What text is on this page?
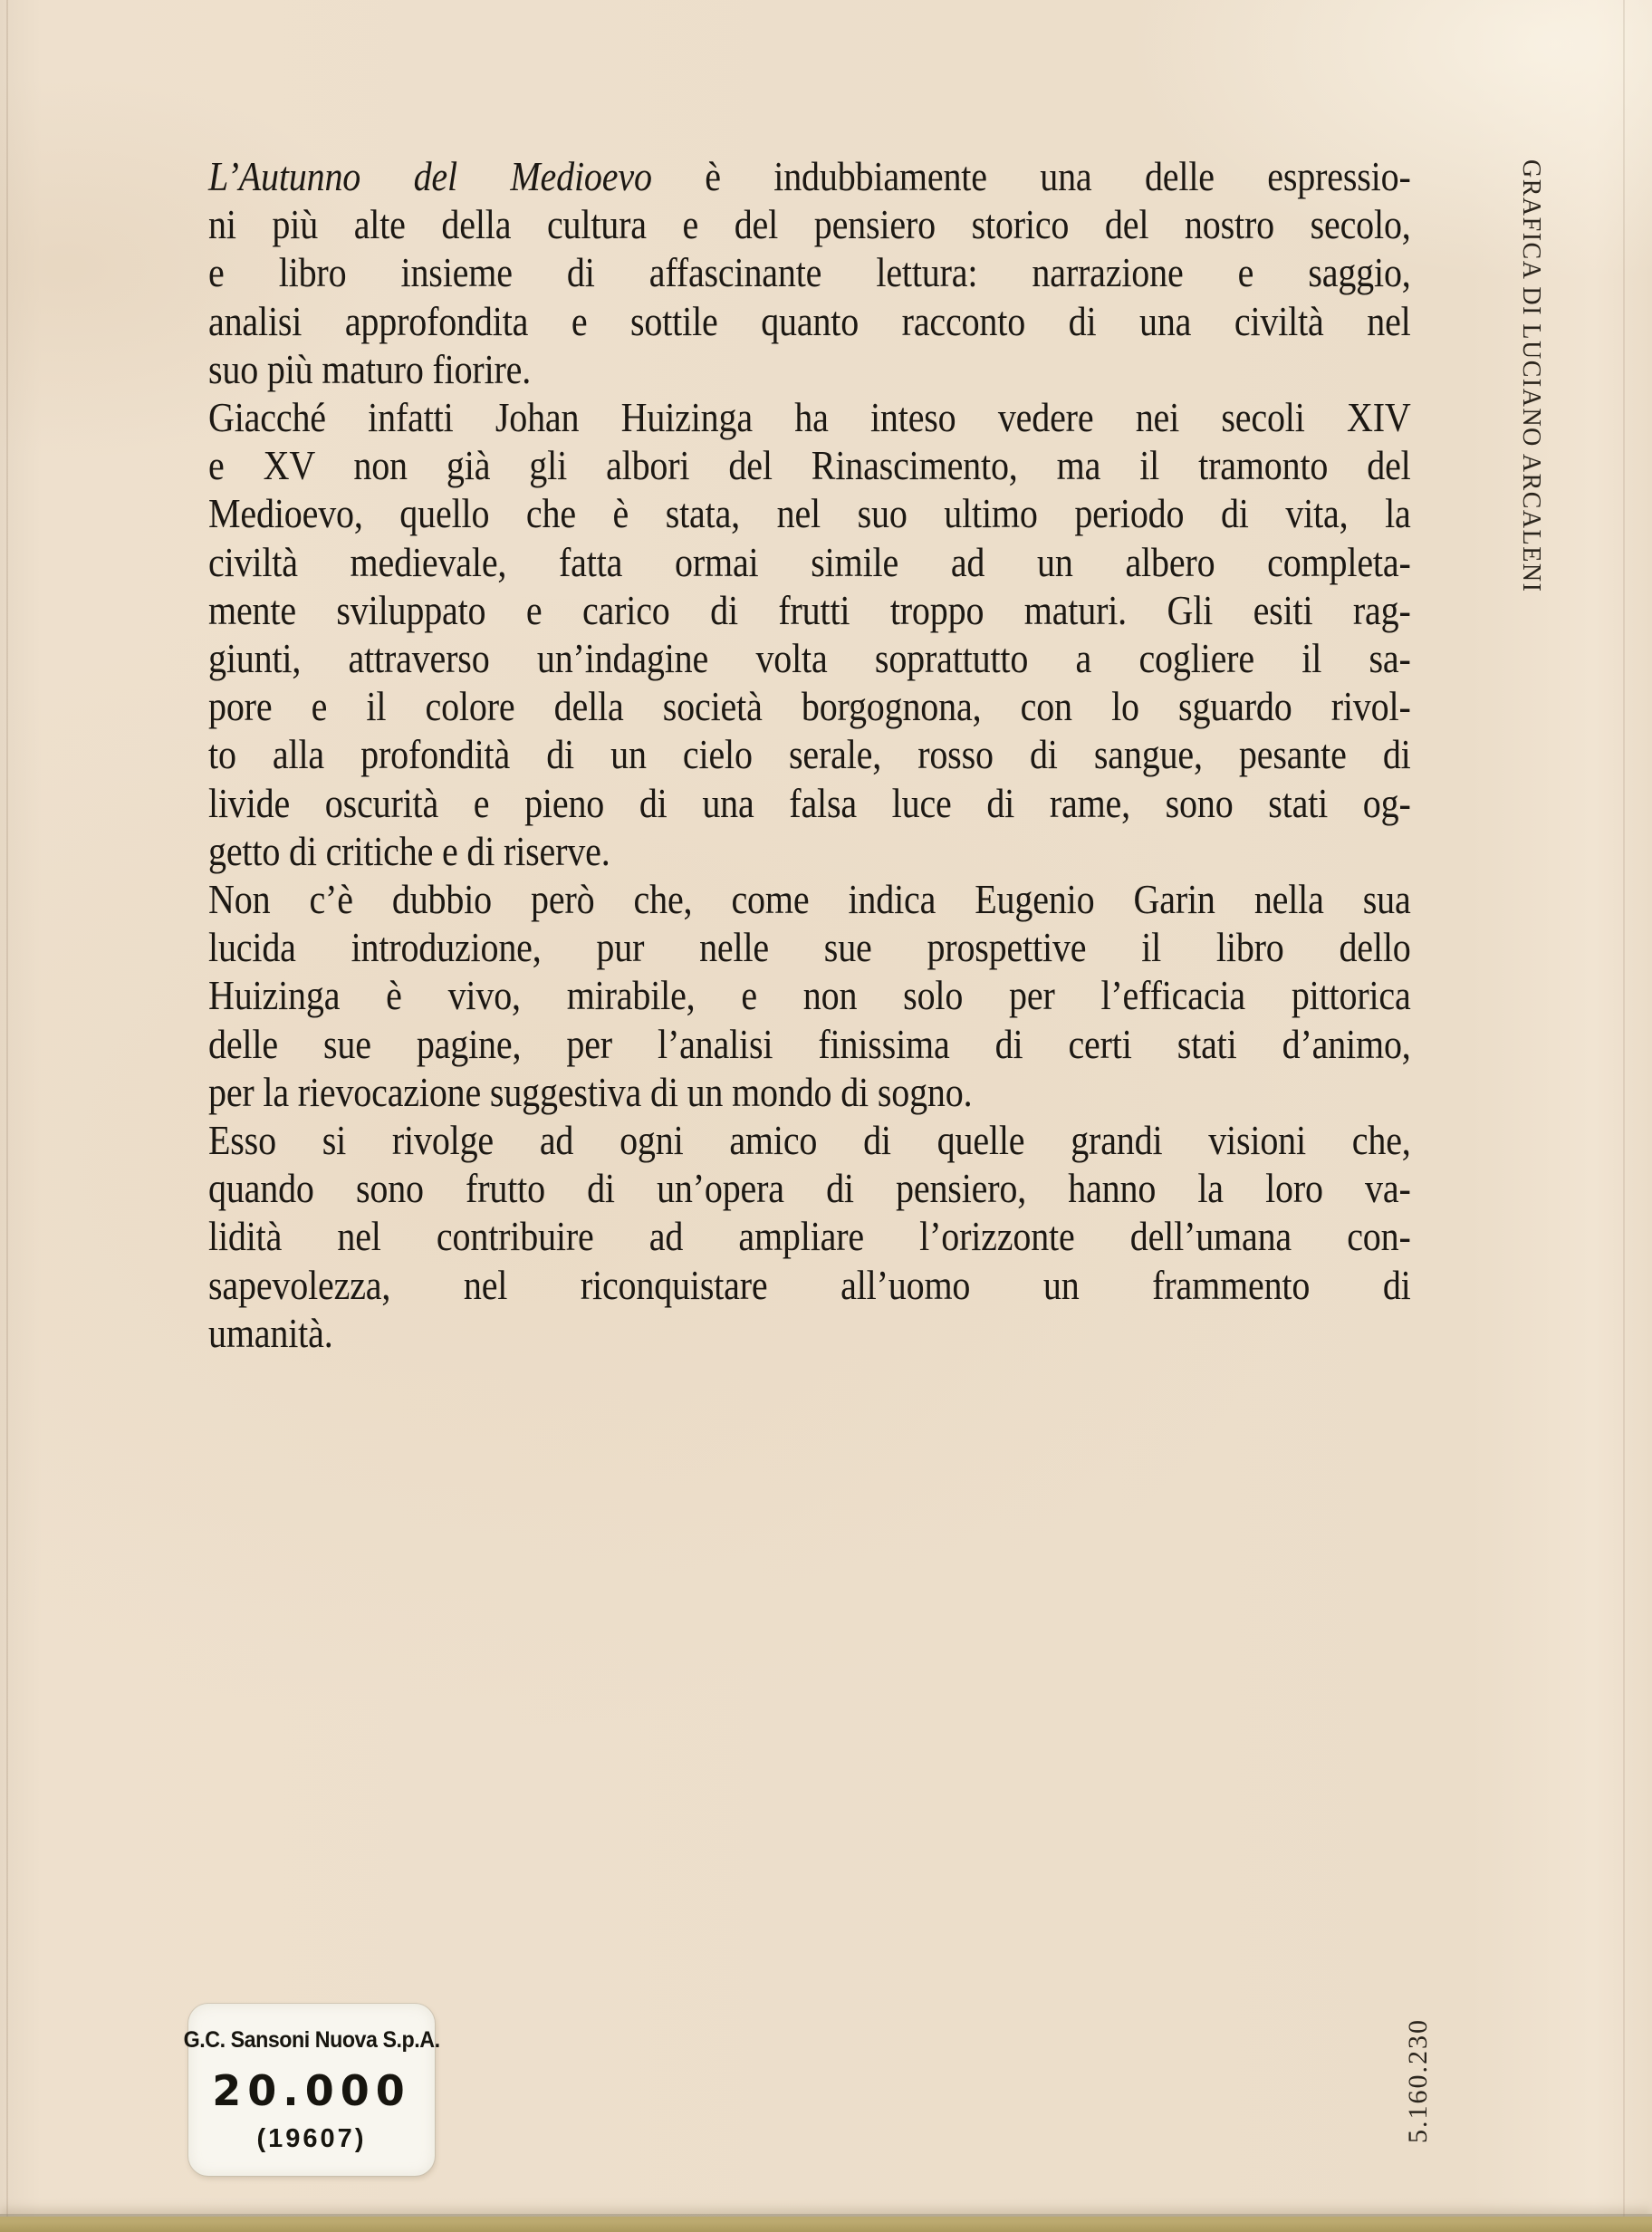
L’Autunno del Medioevo è indubbiamente una delle espressio-
ni più alte della cultura e del pensiero storico del nostro secolo,
e libro insieme di affascinante lettura: narrazione e saggio,
analisi approfondita e sottile quanto racconto di una civiltà nel
suo più maturo fiorire.
Giacché infatti Johan Huizinga ha inteso vedere nei secoli XIV
e XV non già gli albori del Rinascimento, ma il tramonto del
Medioevo, quello che è stata, nel suo ultimo periodo di vita, la
civiltà medievale, fatta ormai simile ad un albero completa-
mente sviluppato e carico di frutti troppo maturi. Gli esiti rag-
giunti, attraverso un’indagine volta soprattutto a cogliere il sa-
pore e il colore della società borgognona, con lo sguardo rivol-
to alla profondità di un cielo serale, rosso di sangue, pesante di
livide oscurità e pieno di una falsa luce di rame, sono stati og-
getto di critiche e di riserve.
Non c’è dubbio però che, come indica Eugenio Garin nella sua
lucida introduzione, pur nelle sue prospettive il libro dello
Huizinga è vivo, mirabile, e non solo per l’efficacia pittorica
delle sue pagine, per l’analisi finissima di certi stati d’animo,
per la rievocazione suggestiva di un mondo di sogno.
Esso si rivolge ad ogni amico di quelle grandi visioni che,
quando sono frutto di un’opera di pensiero, hanno la loro va-
lidità nel contribuire ad ampliare l’orizzonte dell’umana con-
sapevolezza, nel riconquistare all’uomo un frammento di
umanità.
GRAFICA DI LUCIANO ARCALENI
G.C. Sansoni Nuova S.p.A.
20.000
(19607)	5.160.230
